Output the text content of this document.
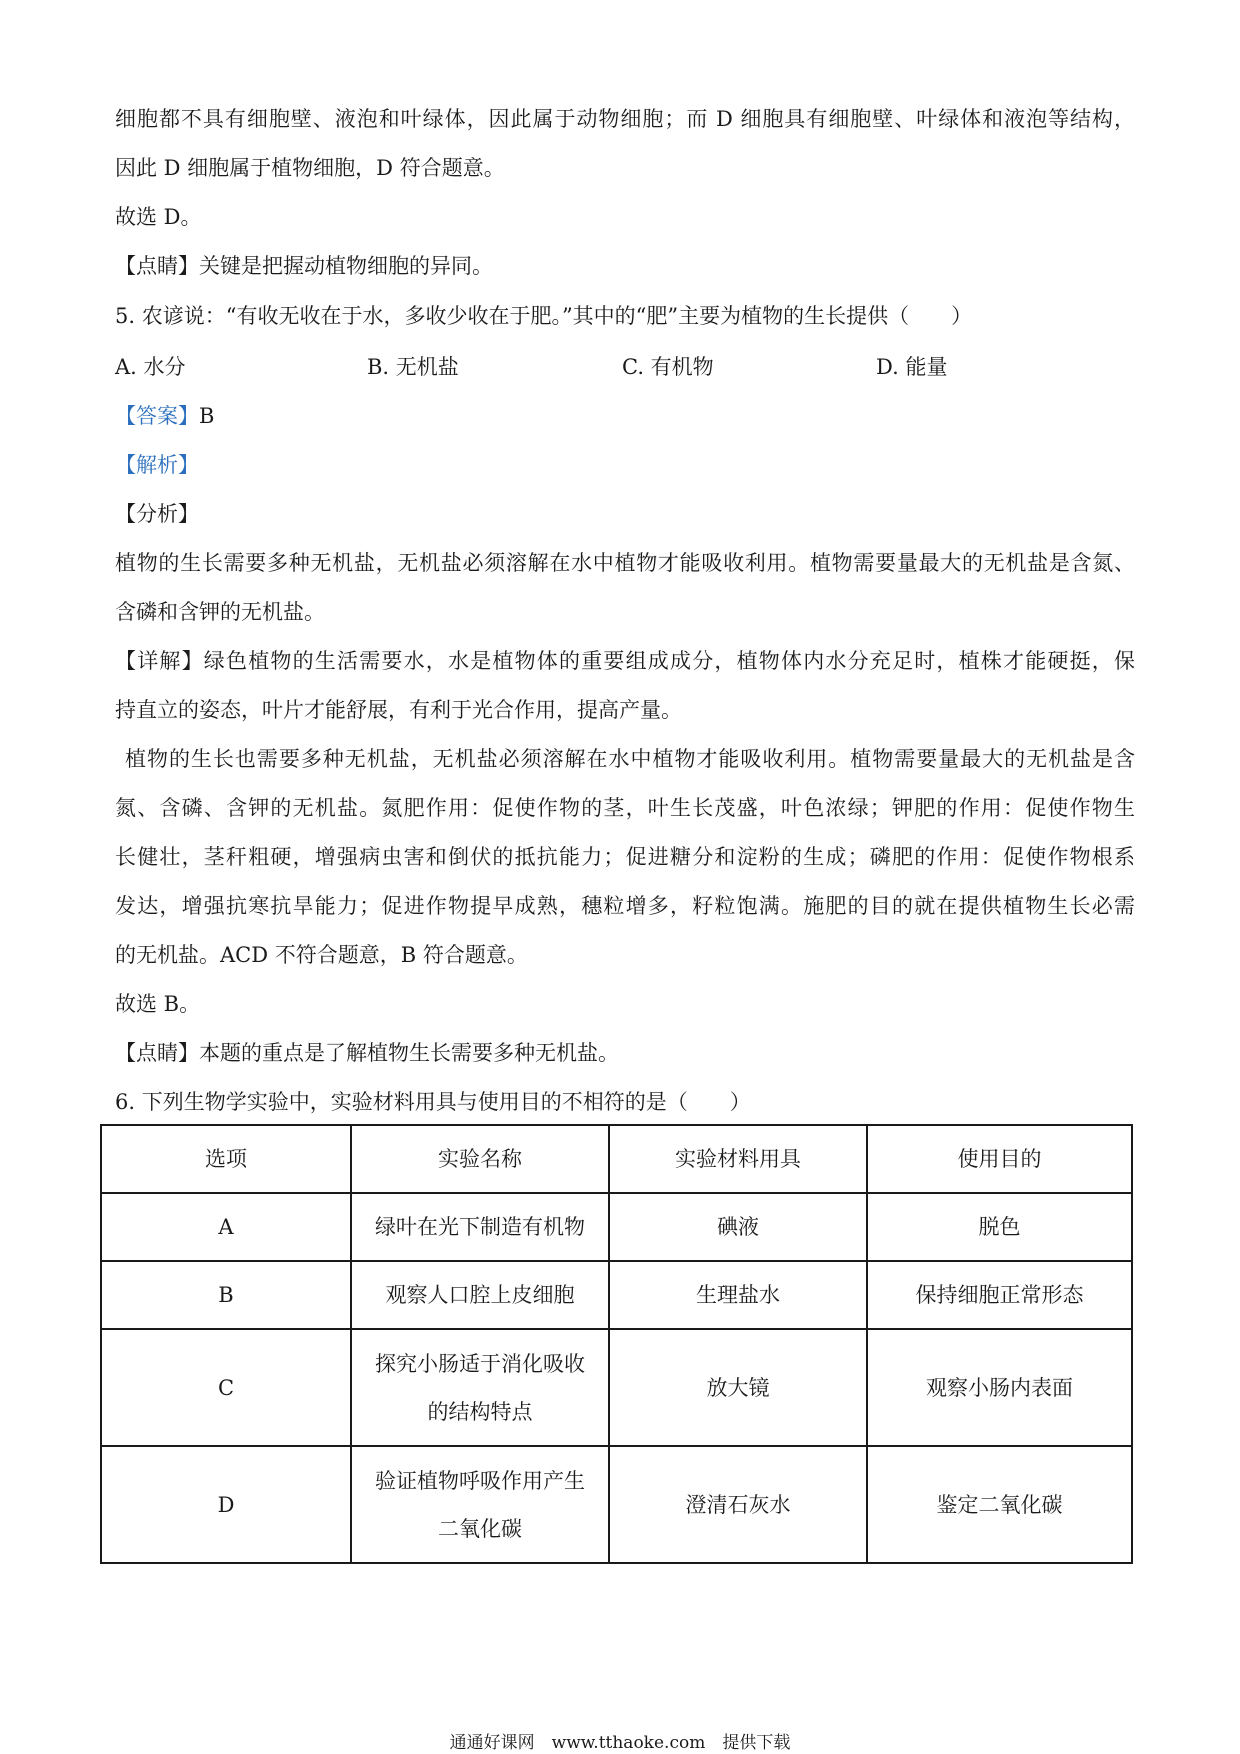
细胞都不具有细胞壁、液泡和叶绿体，因此属于动物细胞；而 D 细胞具有细胞壁、叶绿体和液泡等结构，
因此 D 细胞属于植物细胞，D 符合题意。
故选 D。
【点睛】关键是把握动植物细胞的异同。
5. 农谚说：“有收无收在于水，多收少收在于肥。”其中的“肥”主要为植物的生长提供（　　）
A. 水分	B. 无机盐	C. 有机物	D. 能量
【答案】B
【解析】
【分析】
植物的生长需要多种无机盐，无机盐必须溶解在水中植物才能吸收利用。植物需要量最大的无机盐是含氮、
含磷和含钾的无机盐。
【详解】绿色植物的生活需要水，水是植物体的重要组成成分，植物体内水分充足时，植株才能硬挺，保
持直立的姿态，叶片才能舒展，有利于光合作用，提高产量。
植物的生长也需要多种无机盐，无机盐必须溶解在水中植物才能吸收利用。植物需要量最大的无机盐是含
氮、含磷、含钾的无机盐。氮肥作用：促使作物的茎，叶生长茂盛，叶色浓绿；钾肥的作用：促使作物生
长健壮，茎秆粗硬，增强病虫害和倒伏的抵抗能力；促进糖分和淀粉的生成；磷肥的作用：促使作物根系
发达，增强抗寒抗旱能力；促进作物提早成熟，穗粒增多，籽粒饱满。施肥的目的就在提供植物生长必需
的无机盐。ACD 不符合题意，B 符合题意。
故选 B。
【点睛】本题的重点是了解植物生长需要多种无机盐。
6. 下列生物学实验中，实验材料用具与使用目的不相符的是（　　）
选项	实验名称	实验材料用具	使用目的
A	绿叶在光下制造有机物	碘液	脱色
B	观察人口腔上皮细胞	生理盐水	保持细胞正常形态
C	探究小肠适于消化吸收的结构特点	放大镜	观察小肠内表面
D	验证植物呼吸作用产生二氧化碳	澄清石灰水	鉴定二氧化碳
通通好课网　www.tthaoke.com　提供下载
